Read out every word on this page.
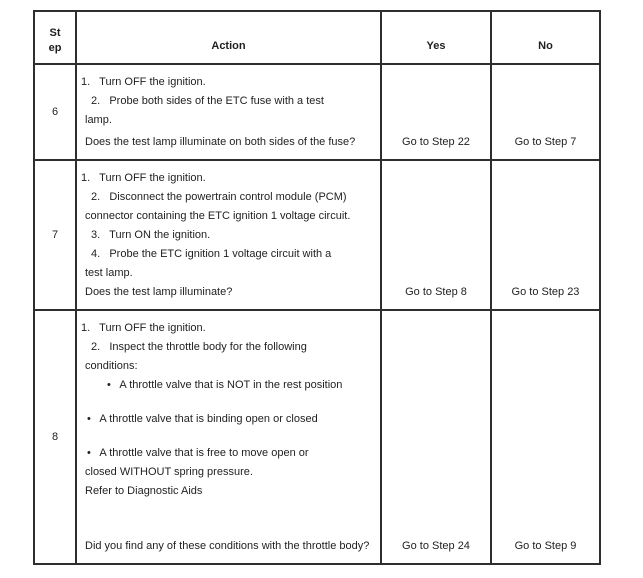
St
ep	Action	Yes	No
6
1.   Turn OFF the ignition.
2.   Probe both sides of the ETC fuse with a test
lamp.
Does the test lamp illuminate on both sides of the fuse?	Go to Step 22	Go to Step 7
7
1.   Turn OFF the ignition.
2.   Disconnect the powertrain control module (PCM)
connector containing the ETC ignition 1 voltage circuit.
3.   Turn ON the ignition.
4.   Probe the ETC ignition 1 voltage circuit with a
test lamp.
Does the test lamp illuminate?	Go to Step 8	Go to Step 23
8
1.   Turn OFF the ignition.
2.   Inspect the throttle body for the following
conditions:
•   A throttle valve that is NOT in the rest position
•   A throttle valve that is binding open or closed
•   A throttle valve that is free to move open or
closed WITHOUT spring pressure.
Refer to Diagnostic Aids
Did you find any of these conditions with the throttle body?	Go to Step 24	Go to Step 9
